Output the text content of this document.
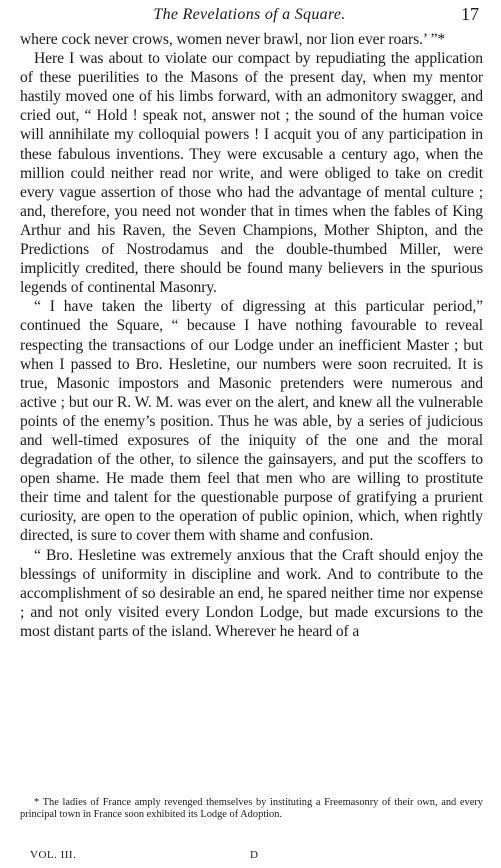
The Revelations of a Square.	17

where cock never crows, women never brawl, nor lion ever roars.’ ”*

Here I was about to violate our compact by repudiating the application of these puerilities to the Masons of the present day, when my mentor hastily moved one of his limbs forward, with an admonitory swagger, and cried out, “ Hold ! speak not, answer not ; the sound of the human voice will annihilate my colloquial powers ! I acquit you of any participation in these fabulous inventions. They were excusable a century ago, when the million could neither read nor write, and were obliged to take on credit every vague assertion of those who had the advantage of mental culture ; and, therefore, you need not wonder that in times when the fables of King Arthur and his Raven, the Seven Champions, Mother Shipton, and the Predictions of Nostrodamus and the double-thumbed Miller, were implicitly credited, there should be found many believers in the spurious legends of continental Masonry.

“ I have taken the liberty of digressing at this particular period,” continued the Square, “ because I have nothing favourable to reveal respecting the transactions of our Lodge under an inefficient Master ; but when I passed to Bro. Hesletine, our numbers were soon recruited. It is true, Masonic impostors and Masonic pretenders were numerous and active ; but our R. W. M. was ever on the alert, and knew all the vulnerable points of the enemy’s position. Thus he was able, by a series of judicious and well-timed exposures of the iniquity of the one and the moral degradation of the other, to silence the gainsayers, and put the scoffers to open shame. He made them feel that men who are willing to prostitute their time and talent for the questionable purpose of gratifying a prurient curiosity, are open to the operation of public opinion, which, when rightly directed, is sure to cover them with shame and confusion.

“ Bro. Hesletine was extremely anxious that the Craft should enjoy the blessings of uniformity in discipline and work. And to contribute to the accomplishment of so desirable an end, he spared neither time nor expense ; and not only visited every London Lodge, but made excursions to the most distant parts of the island. Wherever he heard of a

* The ladies of France amply revenged themselves by instituting a Freemasonry of their own, and every principal town in France soon exhibited its Lodge of Adoption.
VOL. III.	D
